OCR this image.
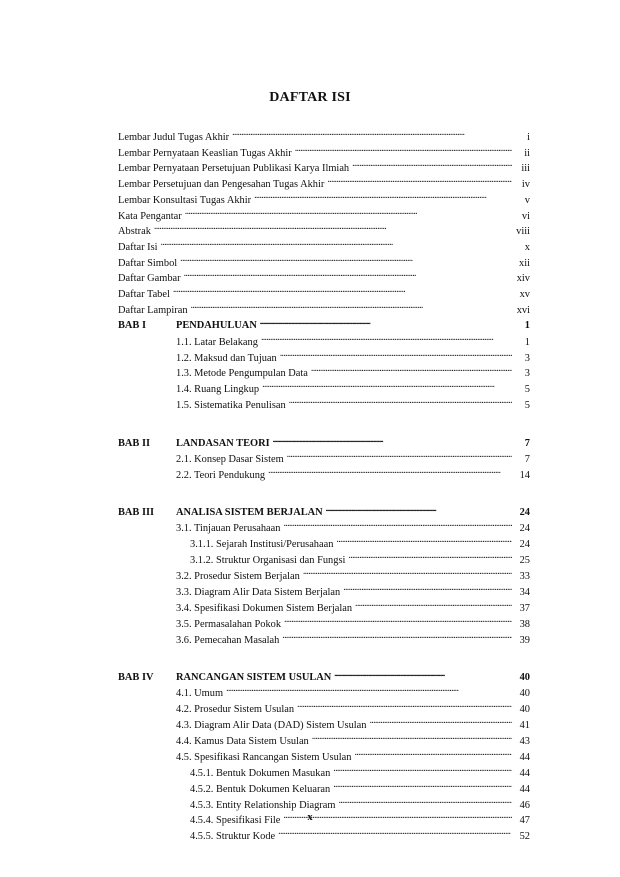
DAFTAR ISI
Lembar Judul Tugas Akhir . . .	i
Lembar Pernyataan Keaslian Tugas Akhir . . .	ii
Lembar Pernyataan Persetujuan Publikasi Karya Ilmiah . . .	iii
Lembar Persetujuan dan Pengesahan Tugas Akhir . . .	iv
Lembar Konsultasi Tugas Akhir . . .	v
Kata Pengantar . . .	vi
Abstrak . . .	viii
Daftar Isi . . .	x
Daftar Simbol . . .	xii
Daftar Gambar . . .	xiv
Daftar Tabel . . .	xv
Daftar Lampiran . . .	xvi
BAB I	PENDAHULUAN ▪▪▪▪▪▪▪▪▪▪▪▪▪▪▪▪▪▪▪▪▪▪▪▪▪▪▪▪▪▪▪▪▪▪▪▪▪▪▪▪▪▪▪▪▪▪▪▪▪▪▪▪▪▪▪▪▪▪▪▪▪▪▪▪▪▪▪▪▪▪▪▪▪▪▪▪▪▪▪▪▪▪▪▪▪▪▪▪▪▪▪▪▪▪	1
1.1. Latar Belakang . . .	1
1.2. Maksud dan Tujuan . . .	3
1.3. Metode Pengumpulan Data . . .	3
1.4. Ruang Lingkup . . .	5
1.5. Sistematika Penulisan . . .	5
BAB II	LANDASAN TEORI ▪▪▪▪▪▪▪▪▪▪▪▪▪▪▪▪▪▪▪▪▪▪▪▪▪▪▪▪▪▪▪▪▪▪▪▪▪▪▪▪▪▪▪▪▪▪▪▪▪▪▪▪▪▪▪▪▪▪▪▪▪▪▪▪▪▪▪▪▪▪▪▪▪▪▪▪▪▪▪▪▪▪▪▪▪▪▪▪▪▪▪▪▪▪	7
2.1. Konsep Dasar Sistem . . .	7
2.2. Teori Pendukung . . .	14
BAB III	ANALISA SISTEM BERJALAN ▪▪▪▪▪▪▪▪▪▪▪▪▪▪▪▪▪▪▪▪▪▪▪▪▪▪▪▪▪▪▪▪▪▪▪▪▪▪▪▪▪▪▪▪▪▪▪▪▪▪▪▪▪▪▪▪▪▪▪▪▪▪▪▪▪▪▪▪▪▪▪▪▪▪▪▪▪▪▪▪▪▪▪▪▪▪▪▪▪▪▪▪▪▪	24
3.1. Tinjauan Perusahaan . . .	24
3.1.1. Sejarah Institusi/Perusahaan . . .	24
3.1.2. Struktur Organisasi dan Fungsi . . .	25
3.2. Prosedur Sistem Berjalan . . .	33
3.3. Diagram Alir Data Sistem Berjalan . . .	34
3.4. Spesifikasi Dokumen Sistem Berjalan . . .	37
3.5. Permasalahan Pokok . . .	38
3.6. Pemecahan Masalah . . .	39
BAB IV	RANCANGAN SISTEM USULAN ▪▪▪▪▪▪▪▪▪▪▪▪▪▪▪▪▪▪▪▪▪▪▪▪▪▪▪▪▪▪▪▪▪▪▪▪▪▪▪▪▪▪▪▪▪▪▪▪▪▪▪▪▪▪▪▪▪▪▪▪▪▪▪▪▪▪▪▪▪▪▪▪▪▪▪▪▪▪▪▪▪▪▪▪▪▪▪▪▪▪▪▪▪▪	40
4.1. Umum . . .	40
4.2. Prosedur Sistem Usulan . . .	40
4.3. Diagram Alir Data (DAD) Sistem Usulan . . .	41
4.4. Kamus Data Sistem Usulan . . .	43
4.5. Spesifikasi Rancangan Sistem Usulan . . .	44
4.5.1. Bentuk Dokumen Masukan . . .	44
4.5.2. Bentuk Dokumen Keluaran . . .	44
4.5.3. Entity Relationship Diagram . . .	46
4.5.4. Spesifikasi File . . .	47
4.5.5. Struktur Kode . . .	52
x
